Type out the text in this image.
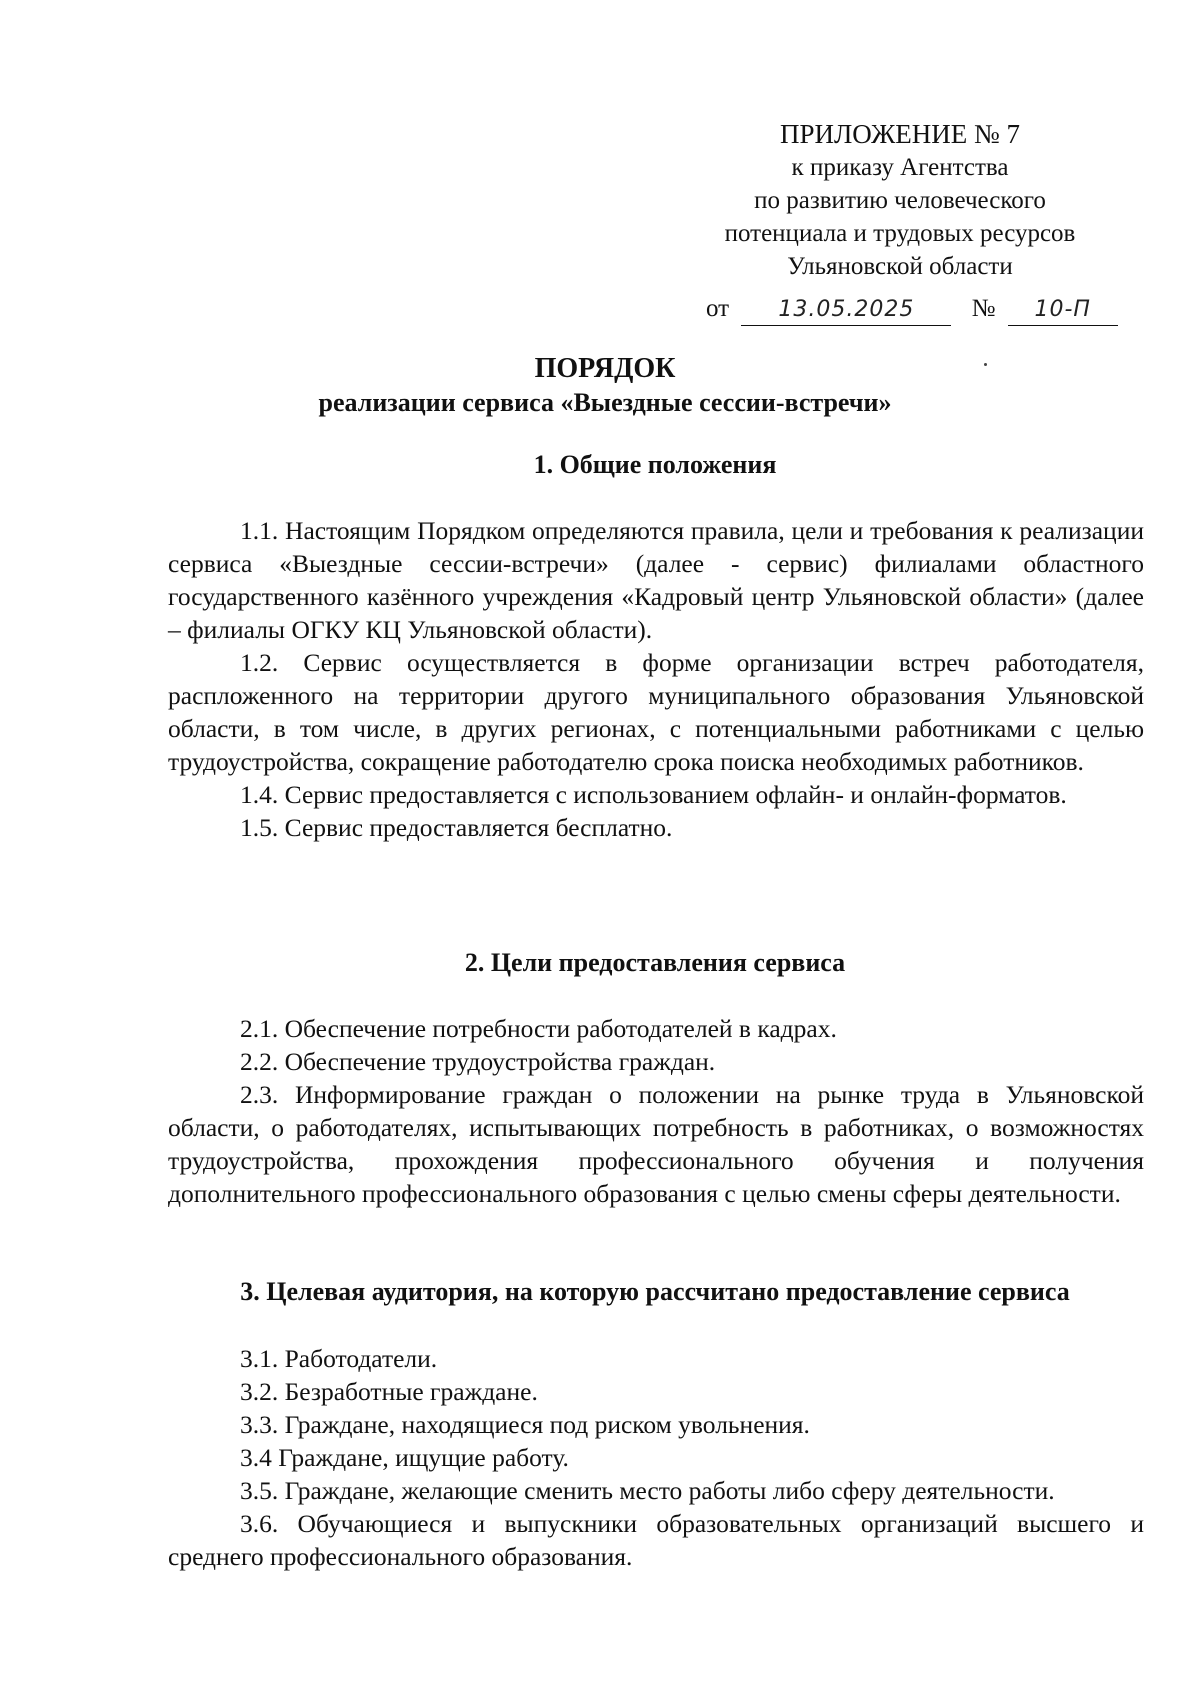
ПРИЛОЖЕНИЕ № 7
к приказу Агентства
по развитию человеческого
потенциала и трудовых ресурсов
Ульяновской области
от 13.05.2025 № 10-П
ПОРЯДОК
реализации сервиса «Выездные сессии-встречи»
1. Общие положения

1.1. Настоящим Порядком определяются правила, цели и требования к реализации сервиса «Выездные сессии-встречи» (далее - сервис) филиалами областного государственного казённого учреждения «Кадровый центр Ульяновской области» (далее – филиалы ОГКУ КЦ Ульяновской области).

1.2. Сервис осуществляется в форме организации встреч работодателя, распложенного на территории другого муниципального образования Ульяновской области, в том числе, в других регионах, с потенциальными работниками с целью трудоустройства, сокращение работодателю срока поиска необходимых работников.

1.4. Сервис предоставляется с использованием офлайн- и онлайн-форматов.

1.5. Сервис предоставляется бесплатно.

2. Цели предоставления сервиса

2.1. Обеспечение потребности работодателей в кадрах.

2.2. Обеспечение трудоустройства граждан.

2.3. Информирование граждан о положении на рынке труда в Ульяновской области, о работодателях, испытывающих потребность в работниках, о возможностях трудоустройства, прохождения профессионального обучения и получения дополнительного профессионального образования с целью смены сферы деятельности.

3. Целевая аудитория, на которую рассчитано предоставление сервиса

3.1. Работодатели.

3.2. Безработные граждане.

3.3. Граждане, находящиеся под риском увольнения.

3.4 Граждане, ищущие работу.

3.5. Граждане, желающие сменить место работы либо сферу деятельности.

3.6. Обучающиеся и выпускники образовательных организаций высшего и среднего профессионального образования.
